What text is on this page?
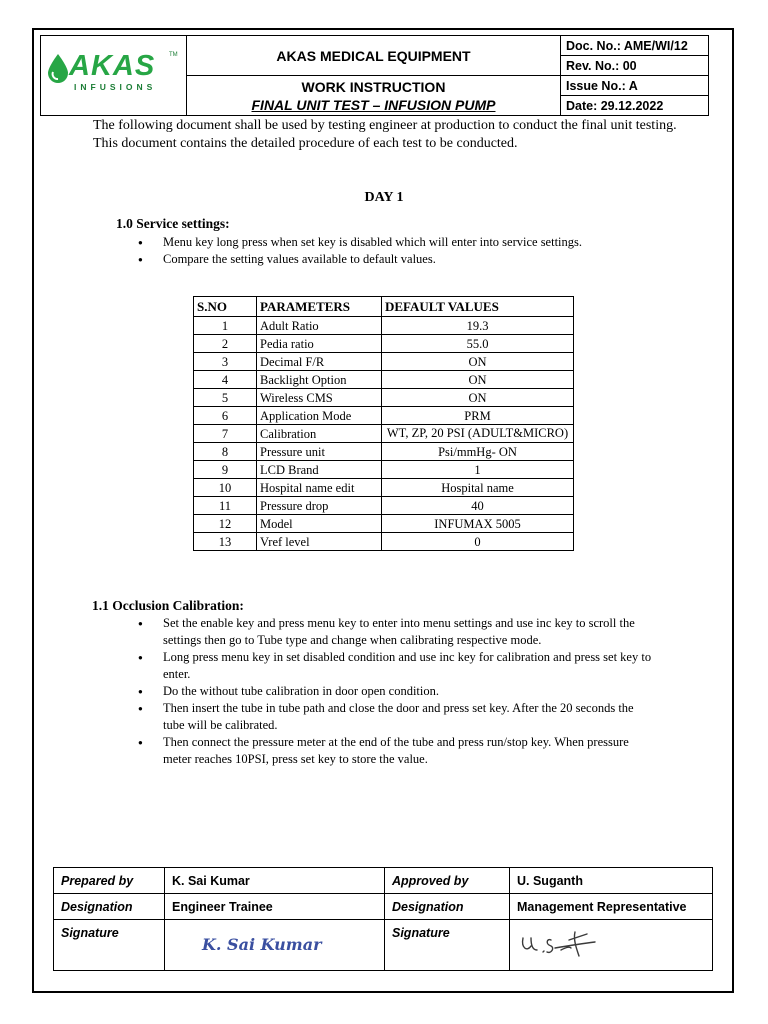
AKAS TM
INFUSIONS	AKAS MEDICAL EQUIPMENT	Doc. No.: AME/WI/12
		Rev. No.: 00
	WORK INSTRUCTION
FINAL UNIT TEST – INFUSION PUMP	Issue No.: A
		Date: 29.12.2022
The following document shall be used by testing engineer at production to conduct the final unit testing. This document contains the detailed procedure of each test to be conducted.
DAY 1
1.0 Service settings:
● Menu key long press when set key is disabled which will enter into service settings.
● Compare the setting values available to default values.
S.NO	PARAMETERS	DEFAULT VALUES
1	Adult Ratio	19.3
2	Pedia ratio	55.0
3	Decimal F/R	ON
4	Backlight Option	ON
5	Wireless CMS	ON
6	Application Mode	PRM
7	Calibration	WT, ZP, 20 PSI (ADULT&MICRO)
8	Pressure unit	Psi/mmHg- ON
9	LCD Brand	1
10	Hospital name edit	Hospital name
11	Pressure drop	40
12	Model	INFUMAX 5005
13	Vref level	0
1.1 Occlusion Calibration:
● Set the enable key and press menu key to enter into menu settings and use inc key to scroll the settings then go to Tube type and change when calibrating respective mode.
● Long press menu key in set disabled condition and use inc key for calibration and press set key to enter.
● Do the without tube calibration in door open condition.
● Then insert the tube in tube path and close the door and press set key. After the 20 seconds the tube will be calibrated.
● Then connect the pressure meter at the end of the tube and press run/stop key. When pressure meter reaches 10PSI, press set key to store the value.
Prepared by	K. Sai Kumar	Approved by	U. Suganth
Designation	Engineer Trainee	Designation	Management Representative
Signature	K. Sai Kumar	Signature	
